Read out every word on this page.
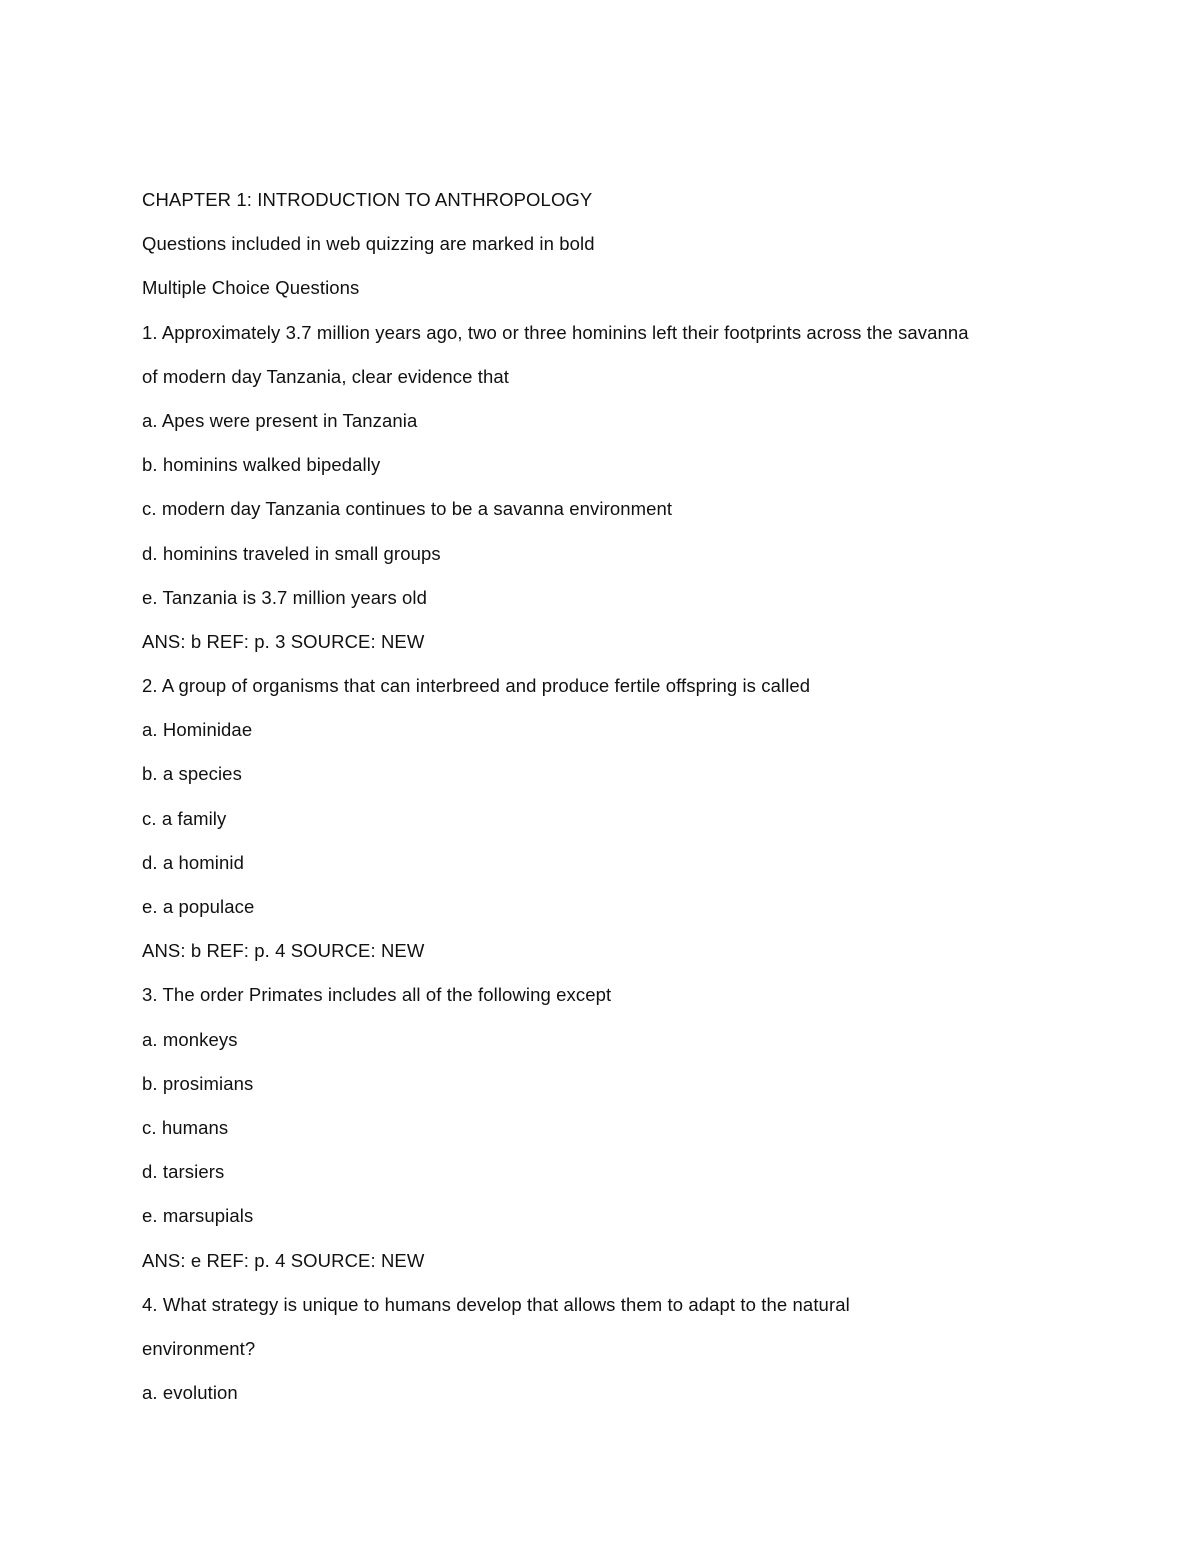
CHAPTER 1: INTRODUCTION TO ANTHROPOLOGY
Questions included in web quizzing are marked in bold
Multiple Choice Questions
1. Approximately 3.7 million years ago, two or three hominins left their footprints across the savanna
of modern day Tanzania, clear evidence that
a. Apes were present in Tanzania
b. hominins walked bipedally
c. modern day Tanzania continues to be a savanna environment
d. hominins traveled in small groups
e. Tanzania is 3.7 million years old
ANS: b REF: p. 3 SOURCE: NEW
2. A group of organisms that can interbreed and produce fertile offspring is called
a. Hominidae
b. a species
c. a family
d. a hominid
e. a populace
ANS: b REF: p. 4 SOURCE: NEW
3. The order Primates includes all of the following except
a. monkeys
b. prosimians
c. humans
d. tarsiers
e. marsupials
ANS: e REF: p. 4 SOURCE: NEW
4. What strategy is unique to humans develop that allows them to adapt to the natural
environment?
a. evolution
